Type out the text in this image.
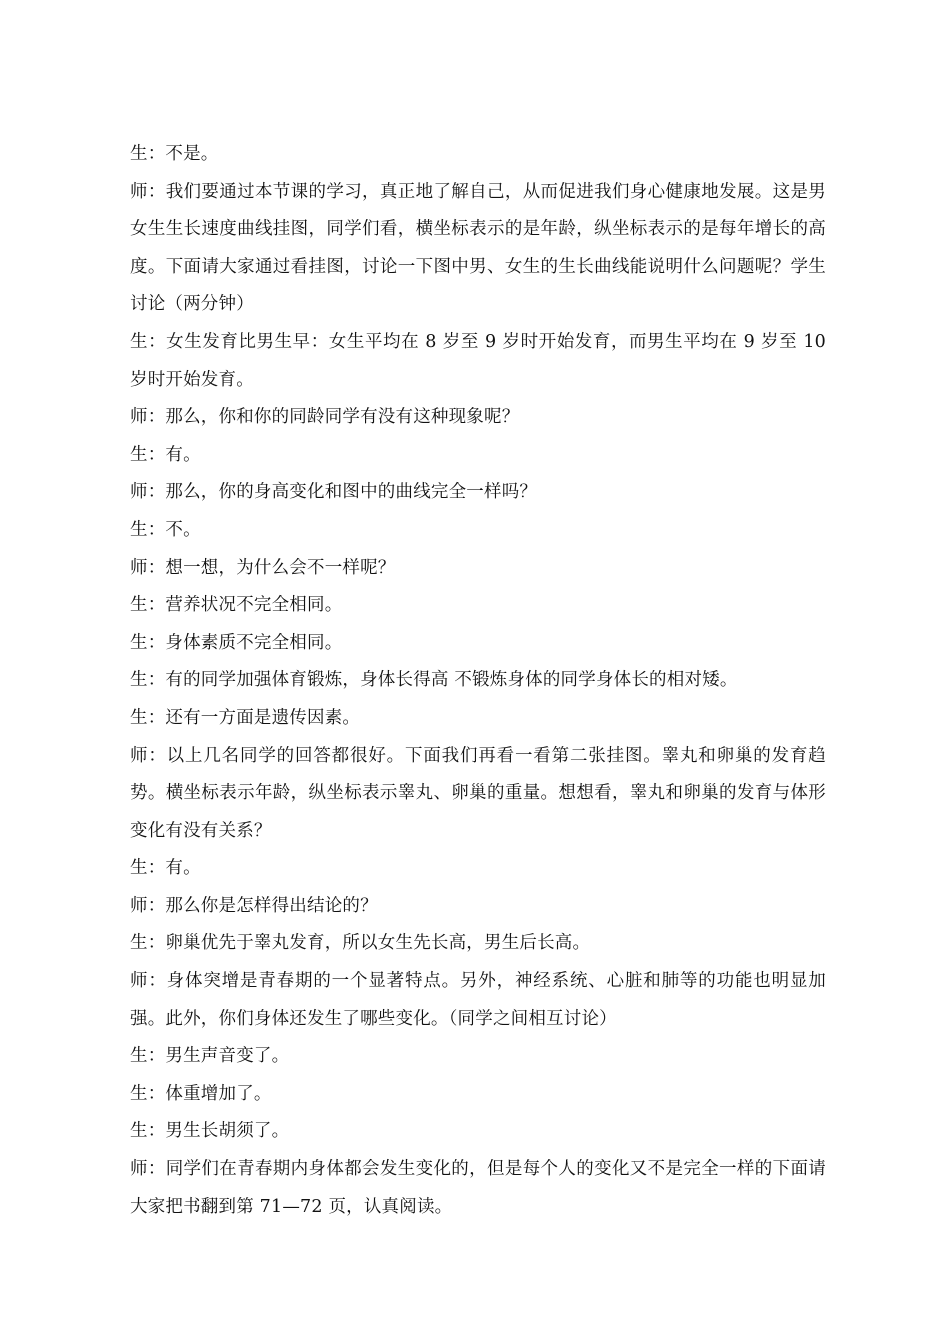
生：不是。

师：我们要通过本节课的学习，真正地了解自己，从而促进我们身心健康地发展。这是男女生生长速度曲线挂图，同学们看，横坐标表示的是年龄，纵坐标表示的是每年增长的高度。下面请大家通过看挂图，讨论一下图中男、女生的生长曲线能说明什么问题呢？学生讨论（两分钟）

生：女生发育比男生早：女生平均在 8 岁至 9 岁时开始发育，而男生平均在 9 岁至 10 岁时开始发育。

师：那么，你和你的同龄同学有没有这种现象呢？

生：有。

师：那么，你的身高变化和图中的曲线完全一样吗？

生：不。

师：想一想，为什么会不一样呢？

生：营养状况不完全相同。

生：身体素质不完全相同。

生：有的同学加强体育锻炼，身体长得高 不锻炼身体的同学身体长的相对矮。

生：还有一方面是遗传因素。

师：以上几名同学的回答都很好。下面我们再看一看第二张挂图。睾丸和卵巢的发育趋势。横坐标表示年龄，纵坐标表示睾丸、卵巢的重量。想想看，睾丸和卵巢的发育与体形变化有没有关系？

生：有。

师：那么你是怎样得出结论的？

生：卵巢优先于睾丸发育，所以女生先长高，男生后长高。

师：身体突增是青春期的一个显著特点。另外，神经系统、心脏和肺等的功能也明显加强。此外，你们身体还发生了哪些变化。（同学之间相互讨论）

生：男生声音变了。

生：体重增加了。

生：男生长胡须了。

师：同学们在青春期内身体都会发生变化的，但是每个人的变化又不是完全一样的下面请大家把书翻到第 71—72 页，认真阅读。
